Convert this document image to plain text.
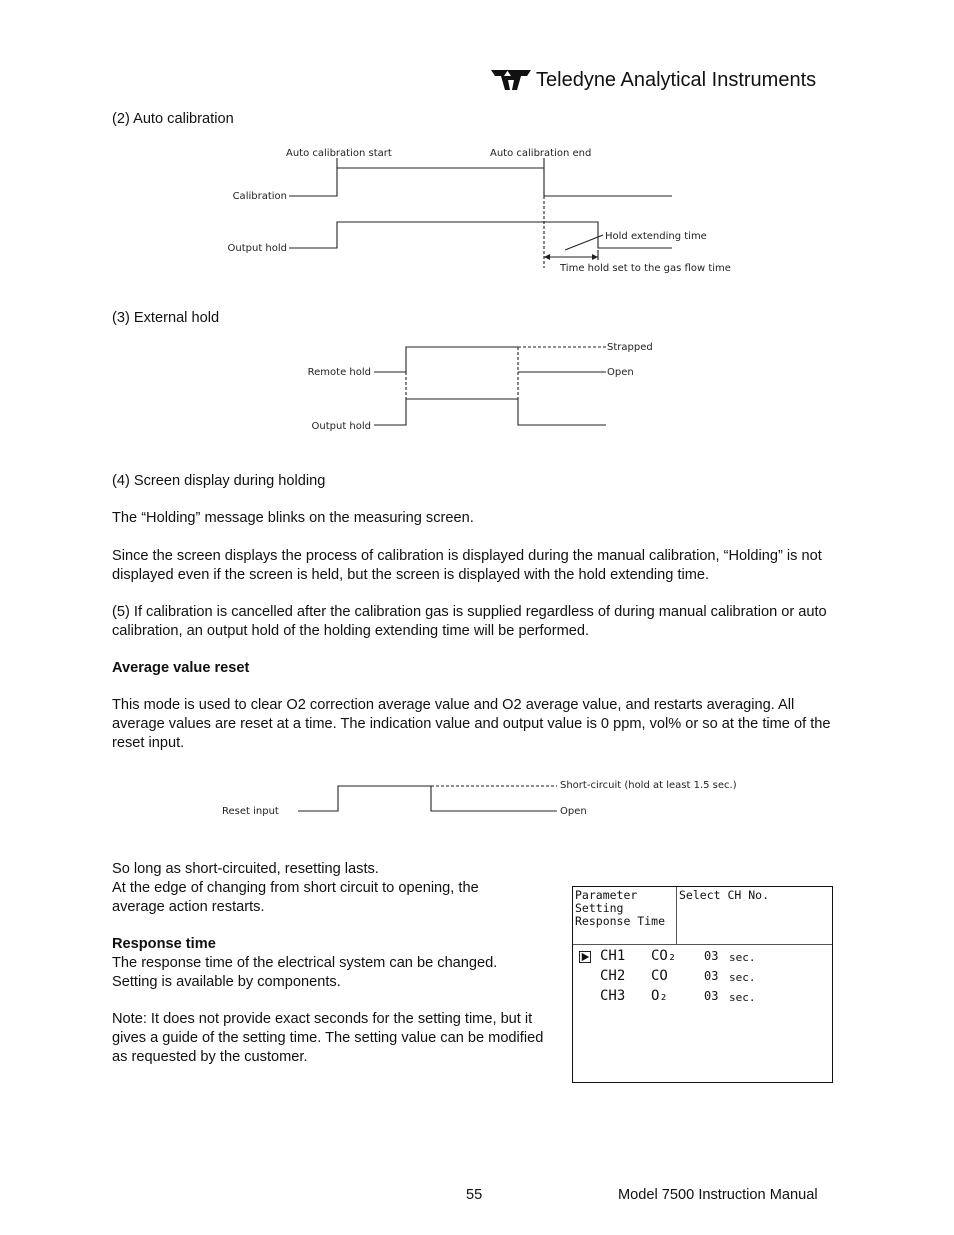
Teledyne Analytical Instruments
(2) Auto calibration
Auto calibration start	Auto calibration end
Calibration
Output hold
Hold extending time
Time hold set to the gas flow time
(3) External hold
Remote hold
Output hold
Strapped
Open
(4) Screen display during holding
The “Holding” message blinks on the measuring screen.
Since the screen displays the process of calibration is displayed during the manual calibration, “Holding” is not displayed even if the screen is held, but the screen is displayed with the hold extending time.
(5) If calibration is cancelled after the calibration gas is supplied regardless of during manual calibration or auto calibration, an output hold of the holding extending time will be performed.
Average value reset
This mode is used to clear O2 correction average value and O2 average value, and restarts averaging. All average values are reset at a time. The indication value and output value is 0 ppm, vol% or so at the time of the reset input.
Reset input
Short-circuit (hold at least 1.5 sec.)
Open
So long as short-circuited, resetting lasts.
At the edge of changing from short circuit to opening, the average action restarts.
Response time
The response time of the electrical system can be changed. Setting is available by components.
Note: It does not provide exact seconds for the setting time, but it gives a guide of the setting time. The setting value can be modified as requested by the customer.
Parameter
Setting
Response Time
Select CH No.
CH1 CO₂ 03 sec.
CH2 CO	03 sec.
CH3 O₂	03 sec.
55	Model 7500 Instruction Manual
